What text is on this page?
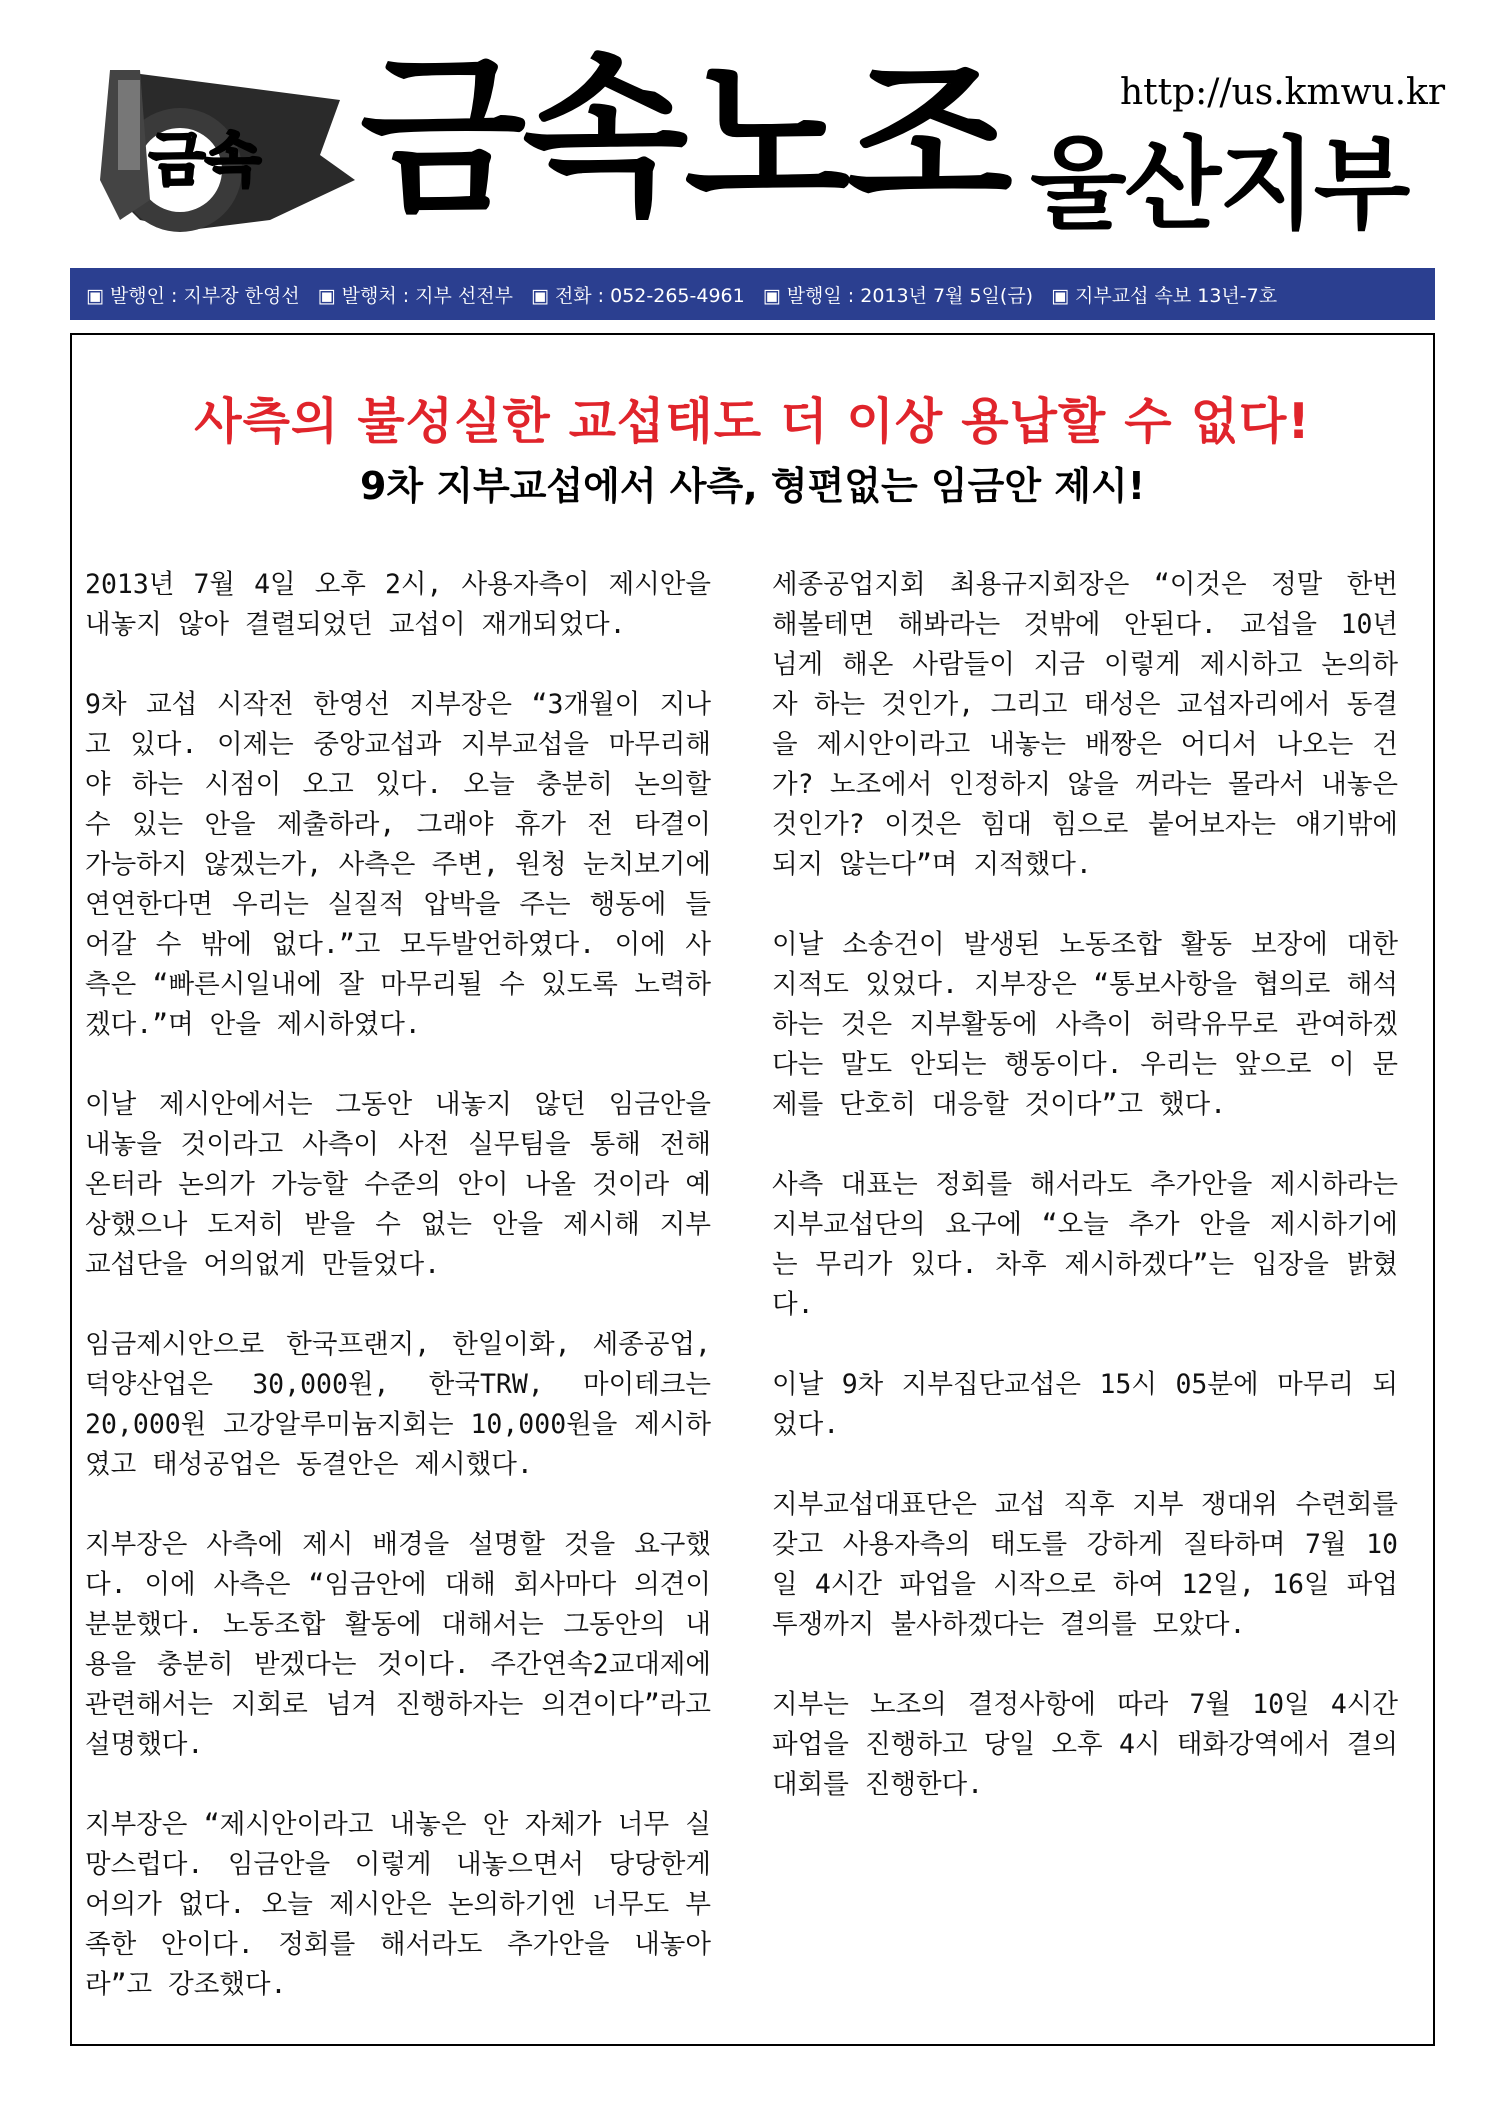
금속 금속노조 울산지부
http://us.kmwu.kr
▣ 발행인 : 지부장 한영선 ▣ 발행처 : 지부 선전부 ▣ 전화 : 052-265-4961 ▣ 발행일 : 2013년 7월 5일(금) ▣ 지부교섭 속보 13년-7호
사측의 불성실한 교섭태도 더 이상 용납할 수 없다!
9차 지부교섭에서 사측, 형편없는 임금안 제시!

2013년 7월 4일 오후 2시, 사용자측이 제시안을 내놓지 않아 결렬되었던 교섭이 재개되었다.

9차 교섭 시작전 한영선 지부장은 “3개월이 지나고 있다. 이제는 중앙교섭과 지부교섭을 마무리해야 하는 시점이 오고 있다. 오늘 충분히 논의할 수 있는 안을 제출하라, 그래야 휴가 전 타결이 가능하지 않겠는가, 사측은 주변, 원청 눈치보기에 연연한다면 우리는 실질적 압박을 주는 행동에 들어갈 수 밖에 없다.”고 모두발언하였다. 이에 사측은 “빠른시일내에 잘 마무리될 수 있도록 노력하겠다.”며 안을 제시하였다.

이날 제시안에서는 그동안 내놓지 않던 임금안을 내놓을 것이라고 사측이 사전 실무팀을 통해 전해온터라 논의가 가능할 수준의 안이 나올 것이라 예상했으나 도저히 받을 수 없는 안을 제시해 지부 교섭단을 어의없게 만들었다.

임금제시안으로 한국프랜지, 한일이화, 세종공업, 덕양산업은 30,000원, 한국TRW, 마이테크는 20,000원 고강알루미늄지회는 10,000원을 제시하였고 태성공업은 동결안은 제시했다.

지부장은 사측에 제시 배경을 설명할 것을 요구했다. 이에 사측은 “임금안에 대해 회사마다 의견이 분분했다. 노동조합 활동에 대해서는 그동안의 내용을 충분히 받겠다는 것이다. 주간연속2교대제에 관련해서는 지회로 넘겨 진행하자는 의견이다”라고 설명했다.

지부장은 “제시안이라고 내놓은 안 자체가 너무 실망스럽다. 임금안을 이렇게 내놓으면서 당당한게 어의가 없다. 오늘 제시안은 논의하기엔 너무도 부족한 안이다. 정회를 해서라도 추가안을 내놓아라”고 강조했다.

세종공업지회 최용규지회장은 “이것은 정말 한번 해볼테면 해봐라는 것밖에 안된다. 교섭을 10년 넘게 해온 사람들이 지금 이렇게 제시하고 논의하자 하는 것인가, 그리고 태성은 교섭자리에서 동결을 제시안이라고 내놓는 배짱은 어디서 나오는 건가? 노조에서 인정하지 않을 꺼라는 몰라서 내놓은 것인가? 이것은 힘대 힘으로 붙어보자는 얘기밖에 되지 않는다”며 지적했다.

이날 소송건이 발생된 노동조합 활동 보장에 대한 지적도 있었다. 지부장은 “통보사항을 협의로 해석하는 것은 지부활동에 사측이 허락유무로 관여하겠다는 말도 안되는 행동이다. 우리는 앞으로 이 문제를 단호히 대응할 것이다”고 했다.

사측 대표는 정회를 해서라도 추가안을 제시하라는 지부교섭단의 요구에 “오늘 추가 안을 제시하기에는 무리가 있다. 차후 제시하겠다”는 입장을 밝혔다.

이날 9차 지부집단교섭은 15시 05분에 마무리 되었다.

지부교섭대표단은 교섭 직후 지부 쟁대위 수련회를 갖고 사용자측의 태도를 강하게 질타하며 7월 10일 4시간 파업을 시작으로 하여 12일, 16일 파업투쟁까지 불사하겠다는 결의를 모았다.

지부는 노조의 결정사항에 따라 7월 10일 4시간 파업을 진행하고 당일 오후 4시 태화강역에서 결의대회를 진행한다.
